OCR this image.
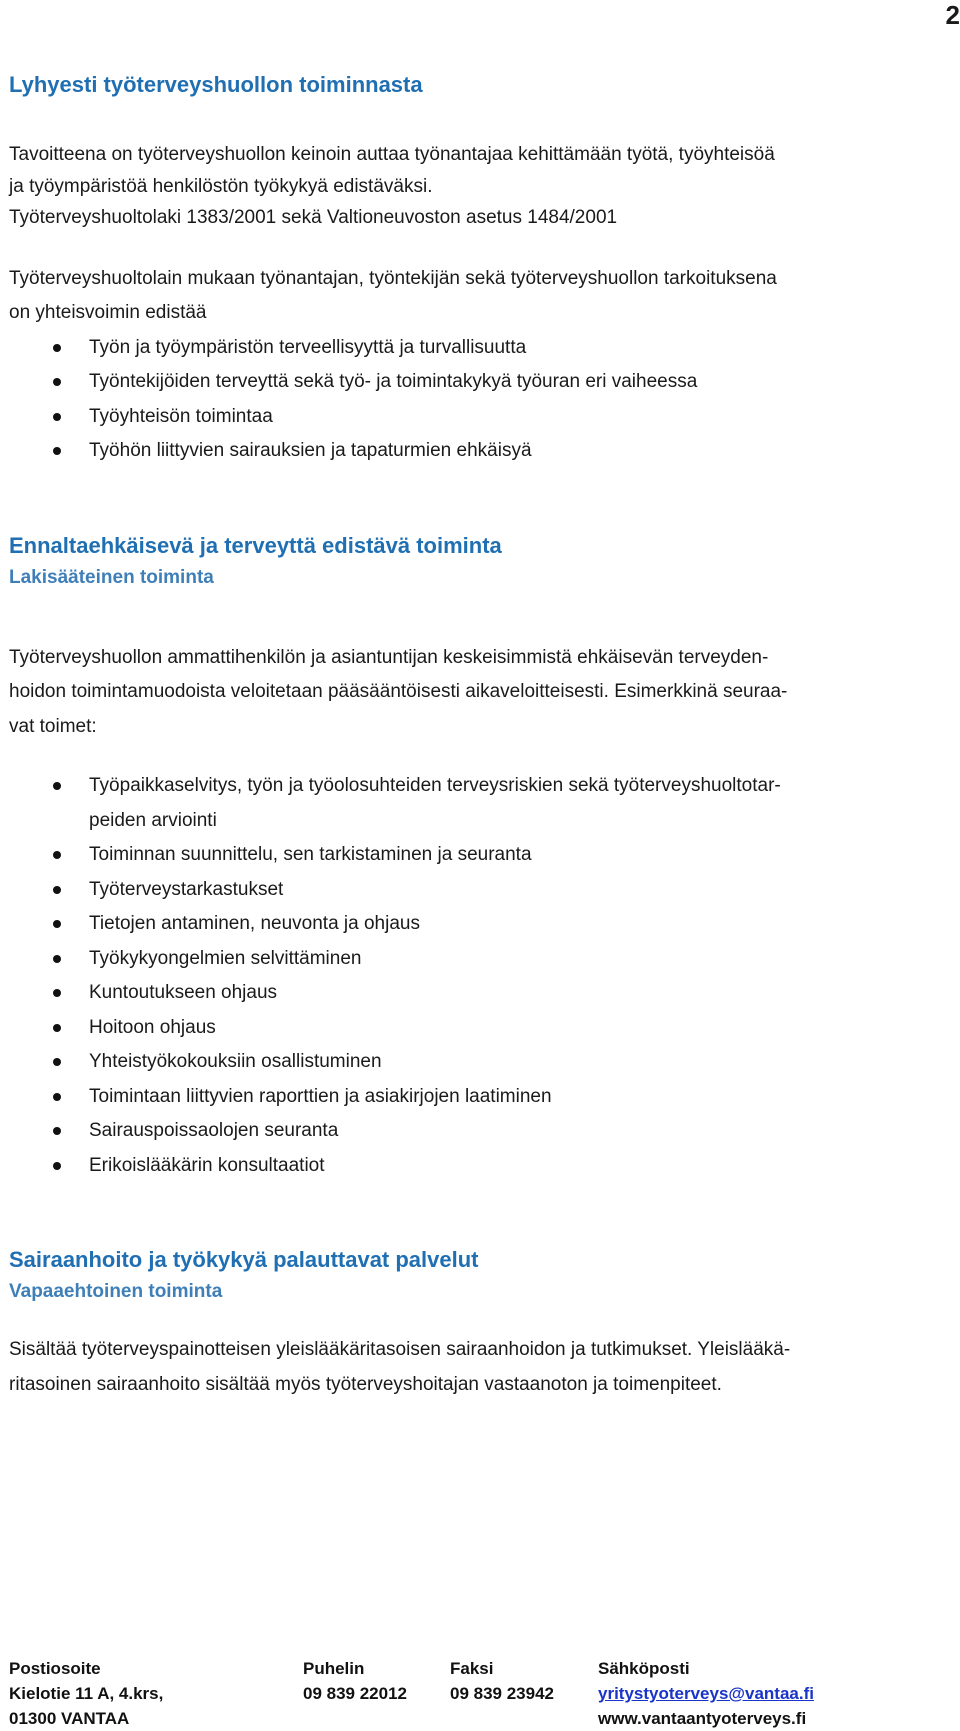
2
Lyhyesti työterveyshuollon toiminnasta

Tavoitteena on työterveyshuollon keinoin auttaa työnantajaa kehittämään työtä, työyhteisöä

ja työympäristöä henkilöstön työkykyä edistäväksi.

Työterveyshuoltolaki 1383/2001 sekä Valtioneuvoston asetus 1484/2001

Työterveyshuoltolain mukaan työnantajan, työntekijän sekä työterveyshuollon tarkoituksena

on yhteisvoimin edistää

Työn ja työympäristön terveellisyyttä ja turvallisuutta
Työntekijöiden terveyttä sekä työ- ja toimintakykyä työuran eri vaiheessa
Työyhteisön toimintaa
Työhön liittyvien sairauksien ja tapaturmien ehkäisyä
Ennaltaehkäisevä ja terveyttä edistävä toiminta
Lakisääteinen toiminta

Työterveyshuollon ammattihenkilön ja asiantuntijan keskeisimmistä ehkäisevän terveyden-

hoidon toimintamuodoista veloitetaan pääsääntöisesti aikaveloitteisesti. Esimerkkinä seuraa-

vat toimet:

Työpaikkaselvitys, työn ja työolosuhteiden terveysriskien sekä työterveyshuoltotar-
peiden arviointi
Toiminnan suunnittelu, sen tarkistaminen ja seuranta
Työterveystarkastukset
Tietojen antaminen, neuvonta ja ohjaus
Työkykyongelmien selvittäminen
Kuntoutukseen ohjaus
Hoitoon ohjaus
Yhteistyökokouksiin osallistuminen
Toimintaan liittyvien raporttien ja asiakirjojen laatiminen
Sairauspoissaolojen seuranta
Erikoislääkärin konsultaatiot
Sairaanhoito ja työkykyä palauttavat palvelut
Vapaaehtoinen toiminta

Sisältää työterveyspainotteisen yleislääkäritasoisen sairaanhoidon ja tutkimukset. Yleislääkä-

ritasoinen sairaanhoito sisältää myös työterveyshoitajan vastaanoton ja toimenpiteet.

Postiosoite
Kielotie 11 A, 4.krs,
01300 VANTAA
Puhelin
09 839 22012
Faksi
09 839 23942
Sähköposti
yritystyoterveys@vantaa.fi
www.vantaantyoterveys.fi
